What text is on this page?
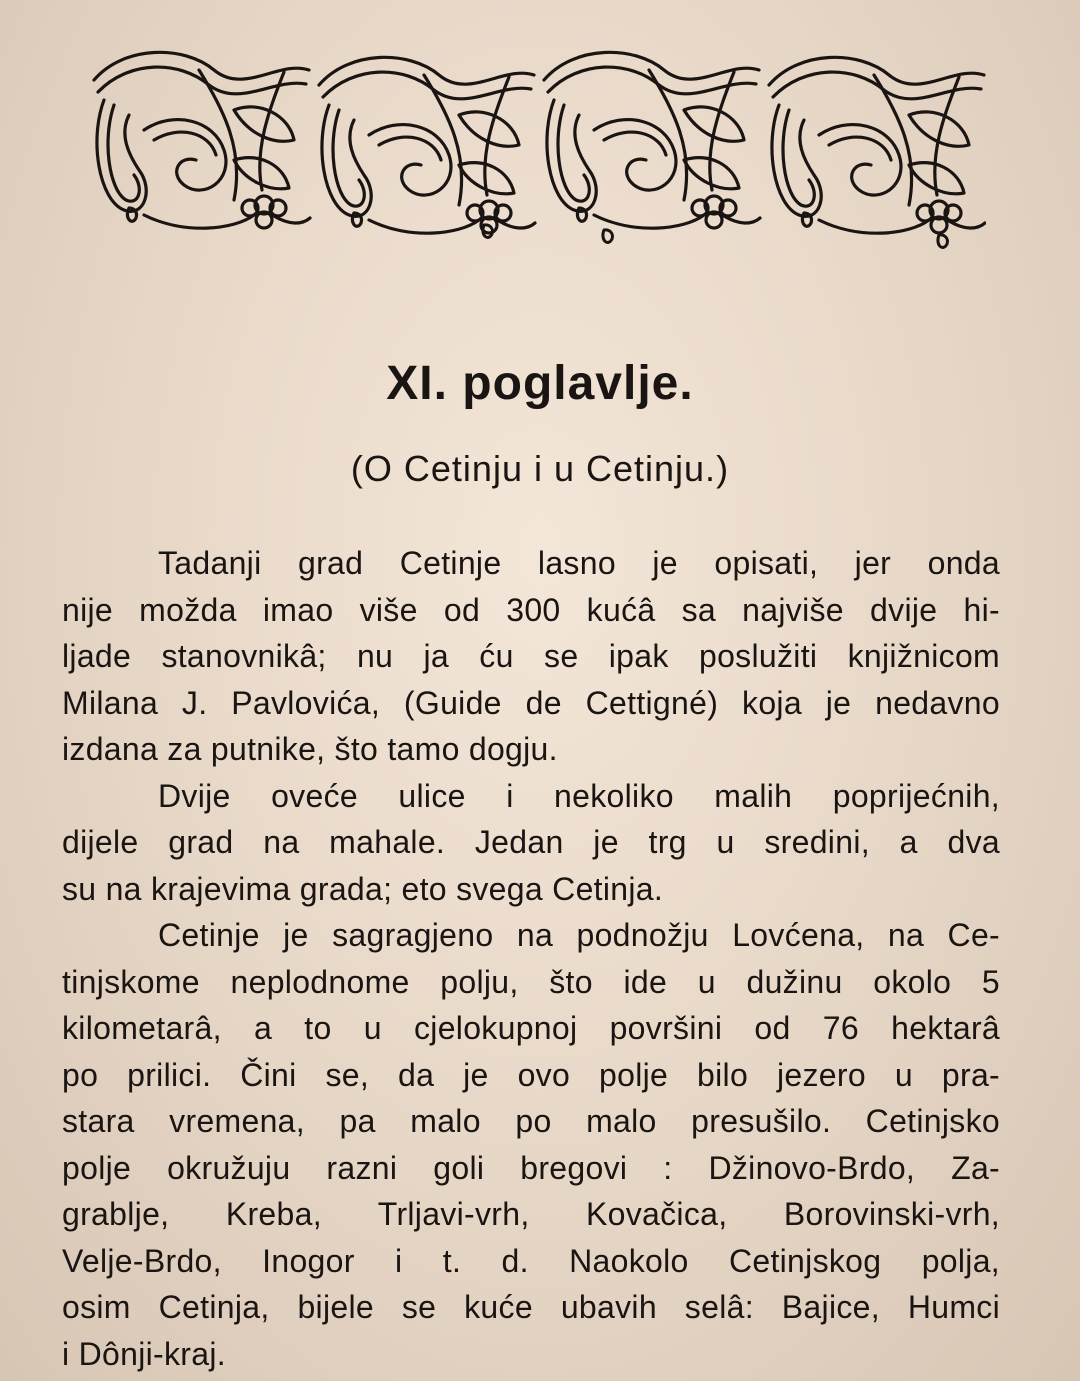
XI. poglavlje.
(O Cetinju i u Cetinju.)
Tadanji grad Cetinje lasno je opisati, jer onda
nije možda imao više od 300 kućâ sa najviše dvije hi-
ljade stanovnikâ; nu ja ću se ipak poslužiti knjižnicom
Milana J. Pavlovića, (Guide de Cettigné) koja je nedavno
izdana za putnike, što tamo dogju.
Dvije oveće ulice i nekoliko malih poprijećnih,
dijele grad na mahale. Jedan je trg u sredini, a dva
su na krajevima grada; eto svega Cetinja.
Cetinje je sagragjeno na podnožju Lovćena, na Ce-
tinjskome neplodnome polju, što ide u dužinu okolo 5
kilometarâ, a to u cjelokupnoj površini od 76 hektarâ
po prilici. Čini se, da je ovo polje bilo jezero u pra-
stara vremena, pa malo po malo presušilo. Cetinjsko
polje okružuju razni goli bregovi : Džinovo-Brdo, Za-
grablje, Kreba, Trljavi-vrh, Kovačica, Borovinski-vrh,
Velje-Brdo, Inogor i t. d. Naokolo Cetinjskog polja,
osim Cetinja, bijele se kuće ubavih selâ: Bajice, Humci
i Dônji-kraj.
